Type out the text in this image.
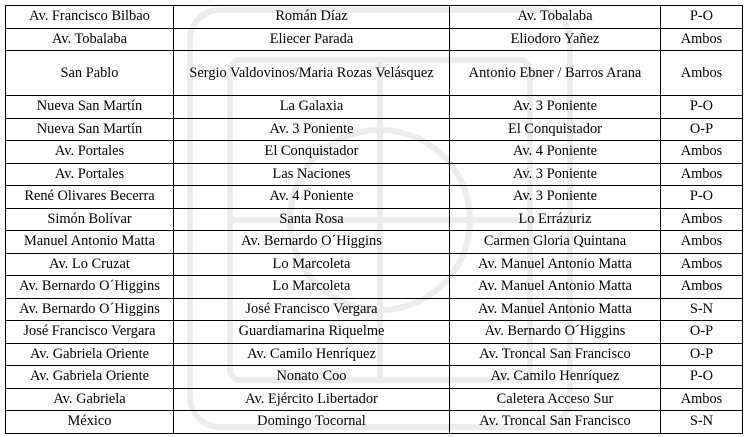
Av. Francisco Bilbao	Román Díaz	Av. Tobalaba	P-O
Av. Tobalaba	Eliecer Parada	Eliodoro Yañez	Ambos
San Pablo	Sergio Valdovinos/Maria Rozas Velásquez	Antonio Ebner / Barros Arana	Ambos
Nueva San Martín	La Galaxia	Av. 3 Poniente	P-O
Nueva San Martín	Av. 3 Poniente	El Conquistador	O-P
Av. Portales	El Conquistador	Av. 4 Poniente	Ambos
Av. Portales	Las Naciones	Av. 3 Poniente	Ambos
René Olivares Becerra	Av. 4 Poniente	Av. 3 Poniente	P-O
Simón Bolívar	Santa Rosa	Lo Errázuriz	Ambos
Manuel Antonio Matta	Av. Bernardo O´Higgins	Carmen Gloria Quintana	Ambos
Av. Lo Cruzat	Lo Marcoleta	Av. Manuel Antonio Matta	Ambos
Av. Bernardo O´Higgins	Lo Marcoleta	Av. Manuel Antonio Matta	Ambos
Av. Bernardo O´Higgins	José Francisco Vergara	Av. Manuel Antonio Matta	S-N
José Francisco Vergara	Guardiamarina Riquelme	Av. Bernardo O´Higgins	O-P
Av. Gabriela Oriente	Av. Camilo Henríquez	Av. Troncal San Francisco	O-P
Av. Gabriela Oriente	Nonato Coo	Av. Camilo Henríquez	P-O
Av. Gabriela	Av. Ejército Libertador	Caletera Acceso Sur	Ambos
México	Domingo Tocornal	Av. Troncal San Francisco	S-N
